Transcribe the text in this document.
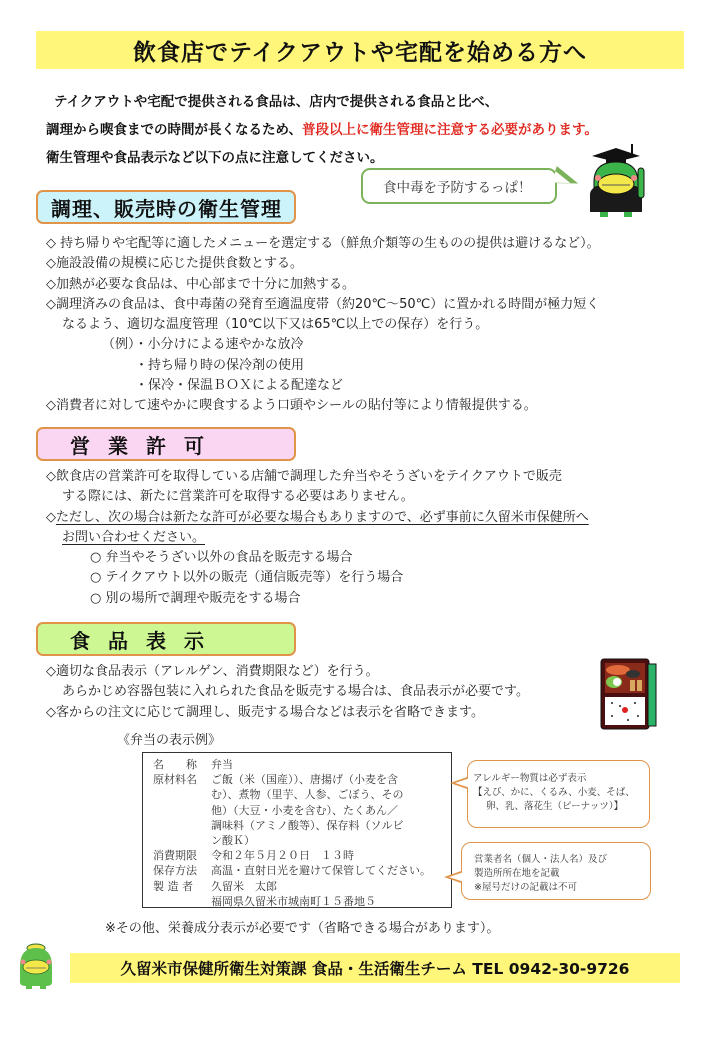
飲食店でテイクアウトや宅配を始める方へ
テイクアウトや宅配で提供される食品は、店内で提供される食品と比べ、
調理から喫食までの時間が長くなるため、普段以上に衛生管理に注意する必要があります。
衛生管理や食品表示など以下の点に注意してください。
食中毒を予防するっぱ！
調理、販売時の衛生管理
◇ 持ち帰りや宅配等に適したメニューを選定する（鮮魚介類等の生ものの提供は避けるなど）。
◇施設設備の規模に応じた提供食数とする。
◇加熱が必要な食品は、中心部まで十分に加熱する。
◇調理済みの食品は、食中毒菌の発育至適温度帯（約20℃～50℃）に置かれる時間が極力短く
なるよう、適切な温度管理（10℃以下又は65℃以上での保存）を行う。
（例）・小分けによる速やかな放冷
・持ち帰り時の保冷剤の使用
・保冷・保温ＢＯＸによる配達など
◇消費者に対して速やかに喫食するよう口頭やシールの貼付等により情報提供する。
営業許可
◇飲食店の営業許可を取得している店舗で調理した弁当やそうざいをテイクアウトで販売
する際には、新たに営業許可を取得する必要はありません。
◇ただし、次の場合は新たな許可が必要な場合もありますので、必ず事前に久留米市保健所へ
お問い合わせください。
○ 弁当やそうざい以外の食品を販売する場合
○ テイクアウト以外の販売（通信販売等）を行う場合
○ 別の場所で調理や販売をする場合
食品表示
◇適切な食品表示（アレルゲン、消費期限など）を行う。
あらかじめ容器包装に入れられた食品を販売する場合は、食品表示が必要です。
◇客からの注文に応じて調理し、販売する場合などは表示を省略できます。
《弁当の表示例》
名　　称	弁当
原材料名	ご飯（米（国産））、唐揚げ（小麦を含
む）、煮物（里芋、人参、ごぼう、その
他）（大豆・小麦を含む）、たくあん／
調味料（アミノ酸等）、保存料（ソルビ
ン酸Ｋ）
消費期限	令和２年５月２０日　１３時
保存方法	高温・直射日光を避けて保管してください。
製 造 者	久留米　太郎
福岡県久留米市城南町１５番地５
アレルギー物質は必ず表示
【えび、かに、くるみ、小麦、そば、
卵、乳、落花生（ピーナッツ）】
営業者名（個人・法人名）及び
製造所所在地を記載
※屋号だけの記載は不可
※その他、栄養成分表示が必要です（省略できる場合があります）。
久留米市保健所衛生対策課 食品・生活衛生チーム TEL 0942-30-9726
